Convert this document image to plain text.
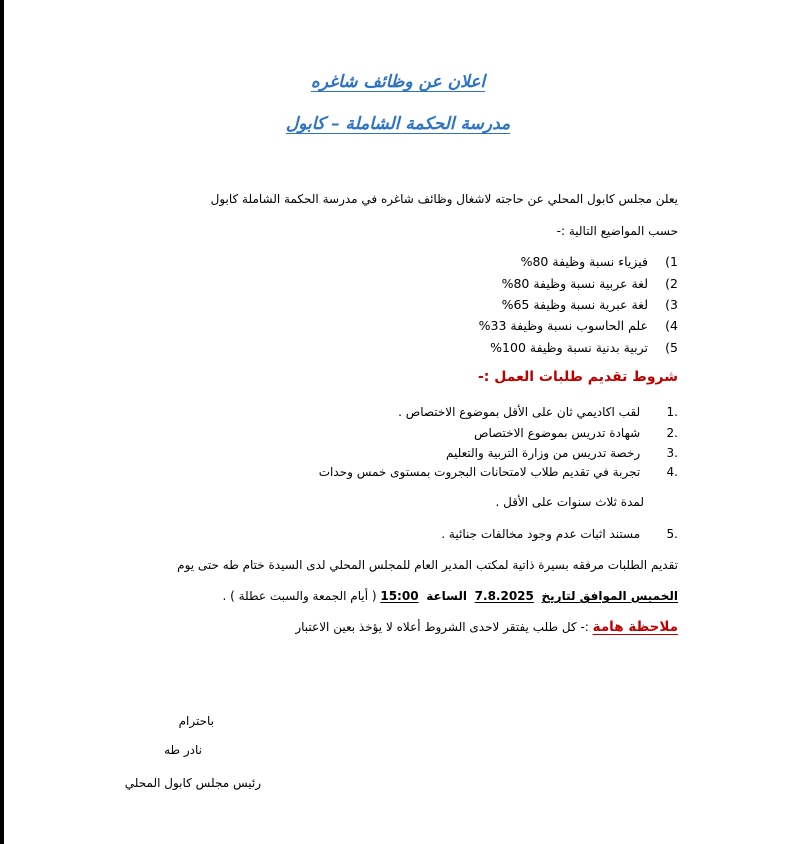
اعلان عن وظائف شاغره
مدرسة الحكمة الشاملة – كابول
يعلن مجلس كابول المحلي عن حاجته لاشغال وظائف شاغره في مدرسة الحكمة الشاملة كابول
حسب المواضيع التالية :-
1) فيزياء نسبة وظيفة 80%
2) لغة عربية نسبة وظيفة 80%
3) لغة عبرية نسبة وظيفة 65%
4) علم الحاسوب نسبة وظيفة 33%
5) تربية بدنية نسبة وظيفة 100%
شروط تقديم طلبات العمل :-
.1 لقب اكاديمي ثان على الأقل بموضوع الاختصاص .
.2 شهادة تدريس بموضوع الاختصاص
.3 رخصة تدريس من وزارة التربية والتعليم
.4 تجربة في تقديم طلاب لامتحانات البجروت بمستوى خمس وحدات
لمدة ثلاث سنوات على الأقل .
.5 مستند اثبات عدم وجود مخالفات جنائية .
تقديم الطلبات مرفقه بسيرة ذاتية لمكتب المدير العام للمجلس المحلي لدى السيدة ختام طه حتى يوم
الخميس الموافق لتاريخ  7.8.2025  الساعة  15:00 ( أيام الجمعة والسبت عطلة ) .
ملاحظة هامة :- كل طلب يفتقر لاحدى الشروط أعلاه لا يؤخذ بعين الاعتبار
باحترام
نادر طه
رئيس مجلس كابول المحلي
